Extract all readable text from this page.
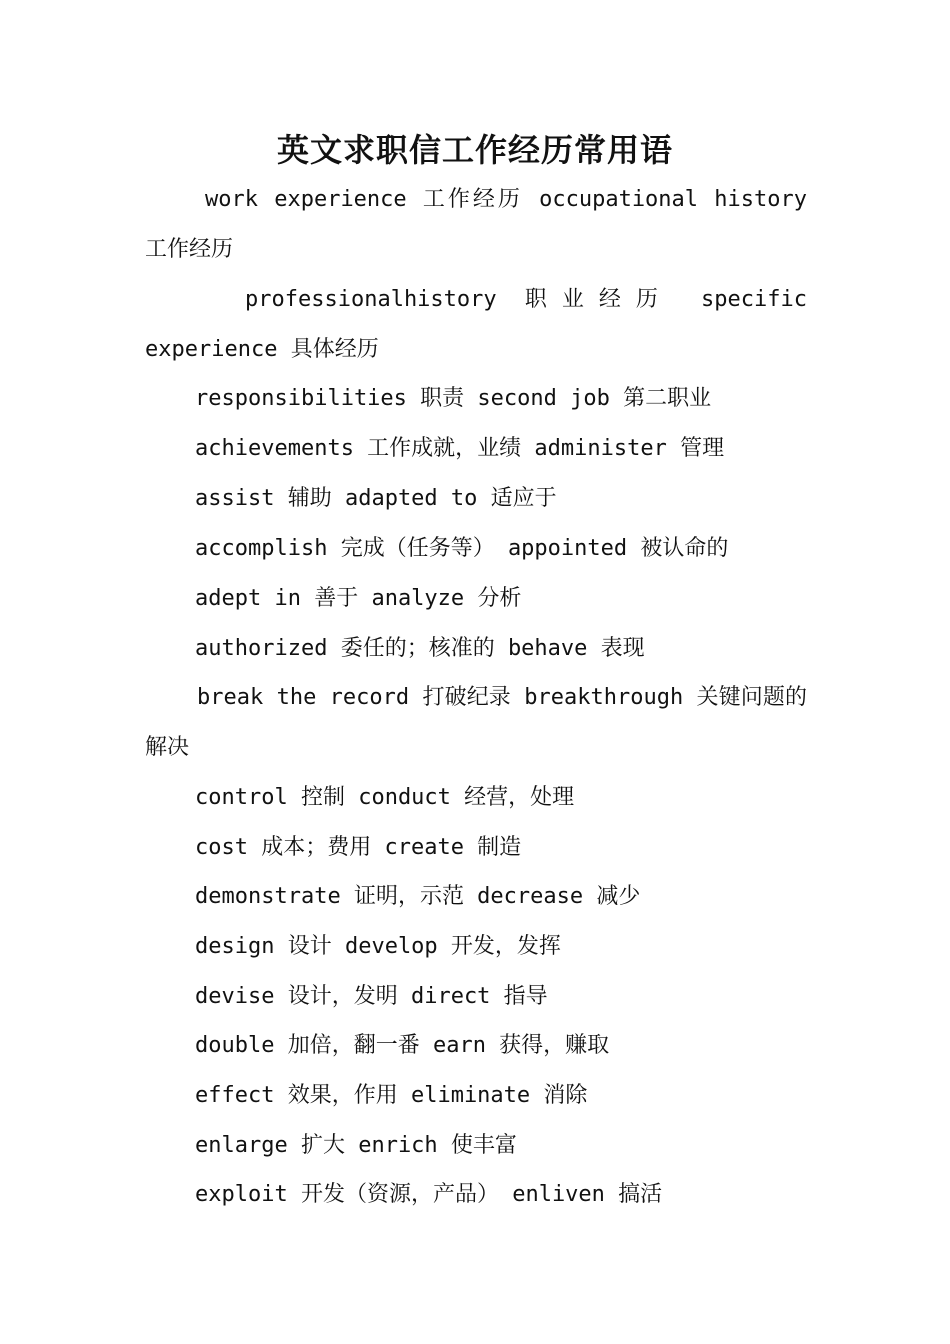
英文求职信工作经历常用语
work experience 工作经历 occupational history 工作经历
professionalhistory 职业经历 specific experience 具体经历
responsibilities 职责 second job 第二职业
achievements 工作成就，业绩 administer 管理
assist 辅助 adapted to 适应于
accomplish 完成（任务等） appointed 被认命的
adept in 善于 analyze 分析
authorized 委任的；核准的 behave 表现
break the record 打破纪录 breakthrough 关键问题的解决
control 控制 conduct 经营，处理
cost 成本；费用 create 制造
demonstrate 证明，示范 decrease 减少
design 设计 develop 开发，发挥
devise 设计，发明 direct 指导
double 加倍，翻一番 earn 获得，赚取
effect 效果，作用 eliminate 消除
enlarge 扩大 enrich 使丰富
exploit 开发（资源，产品） enliven 搞活
